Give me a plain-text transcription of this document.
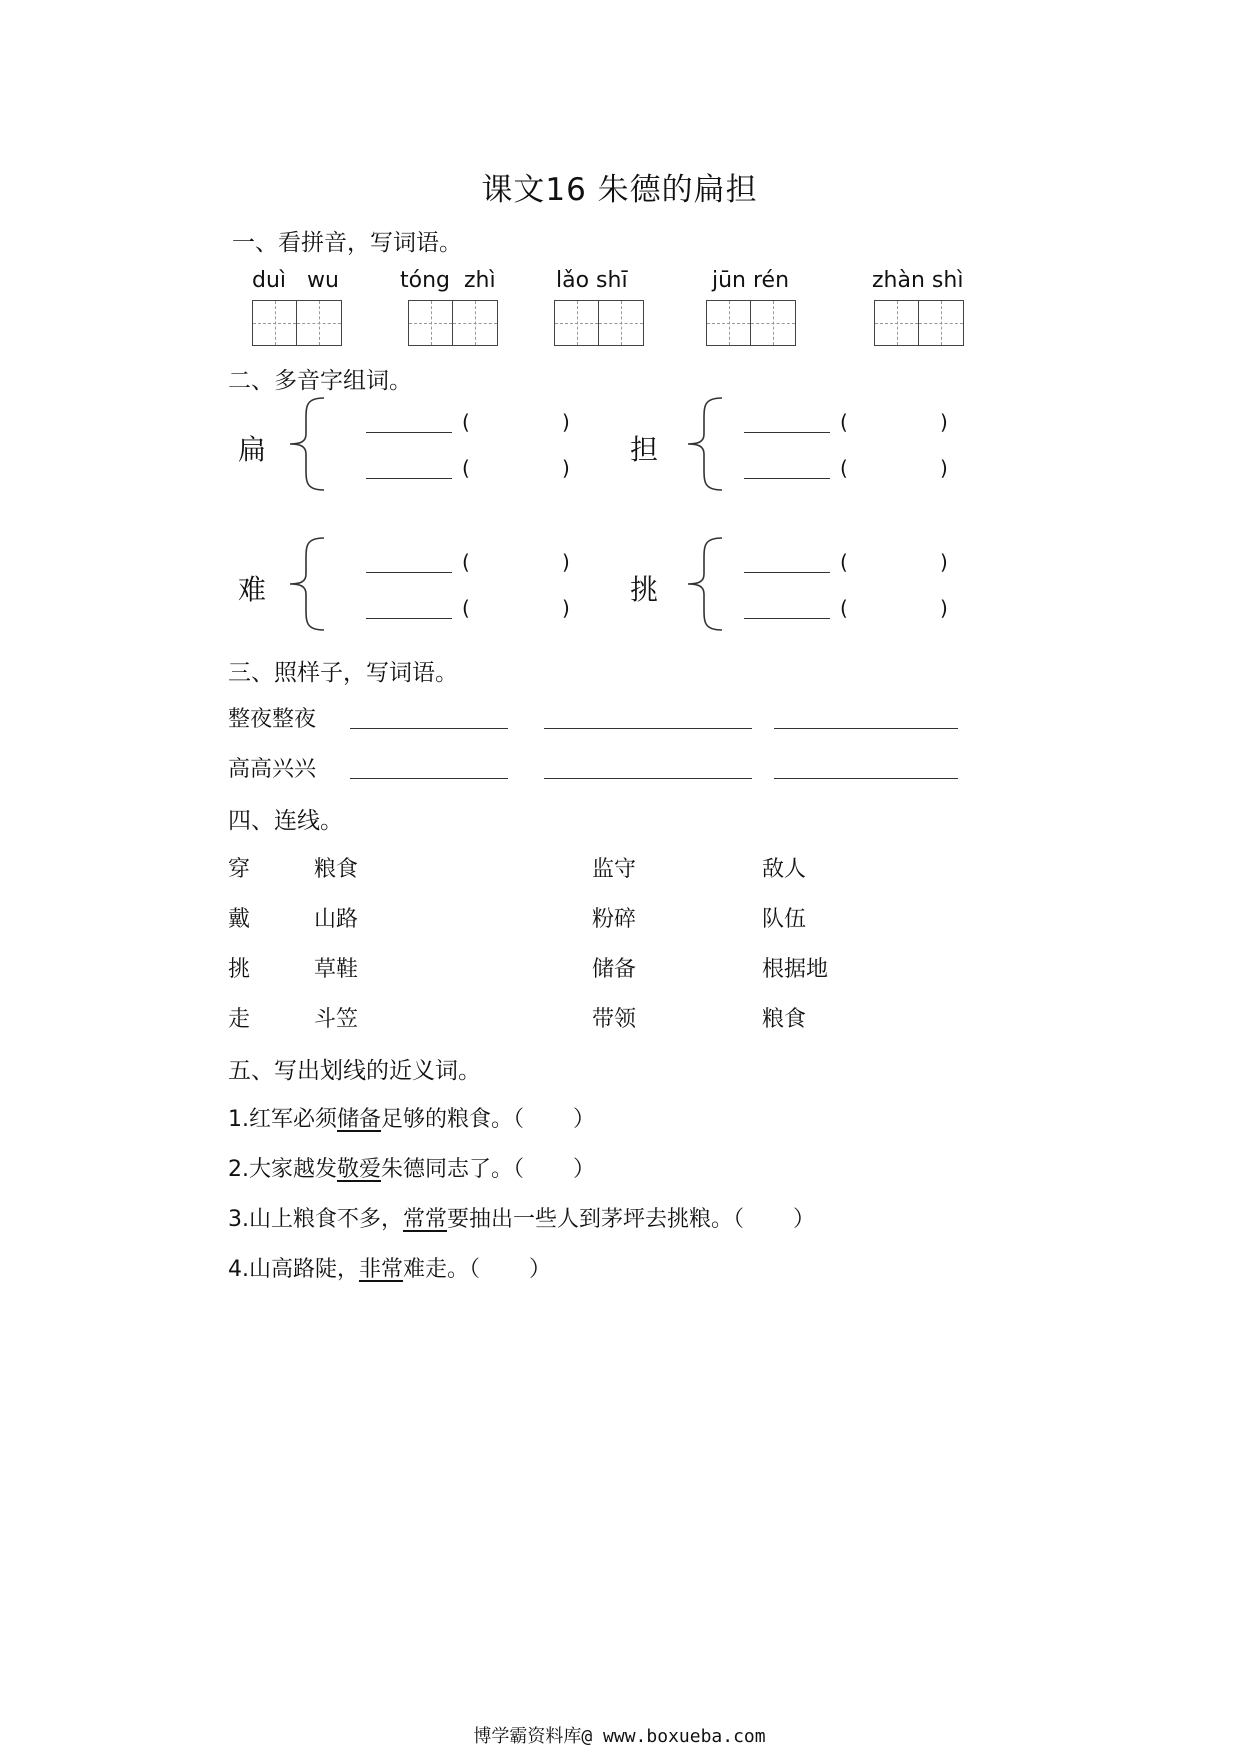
课文16 朱德的扁担
一、看拼音，写词语。
duì   wu	tóng  zhì	lǎo shī	jūn rén	zhàn shì
二、多音字组词。
扁
(	)
(	)
担
(	)
(	)
难
(	)
(	)
挑
(	)
(	)
三、照样子，写词语。
整夜整夜
高高兴兴
四、连线。
穿	粮食	监守	敌人
戴	山路	粉碎	队伍
挑	草鞋	储备	根据地
走	斗笠	带领	粮食
五、写出划线的近义词。
1.红军必须储备足够的粮食。（       ）
2.大家越发敬爱朱德同志了。（       ）
3.山上粮食不多，常常要抽出一些人到茅坪去挑粮。（       ）
4.山高路陡，非常难走。（       ）
博学霸资料库@ www.boxueba.com
